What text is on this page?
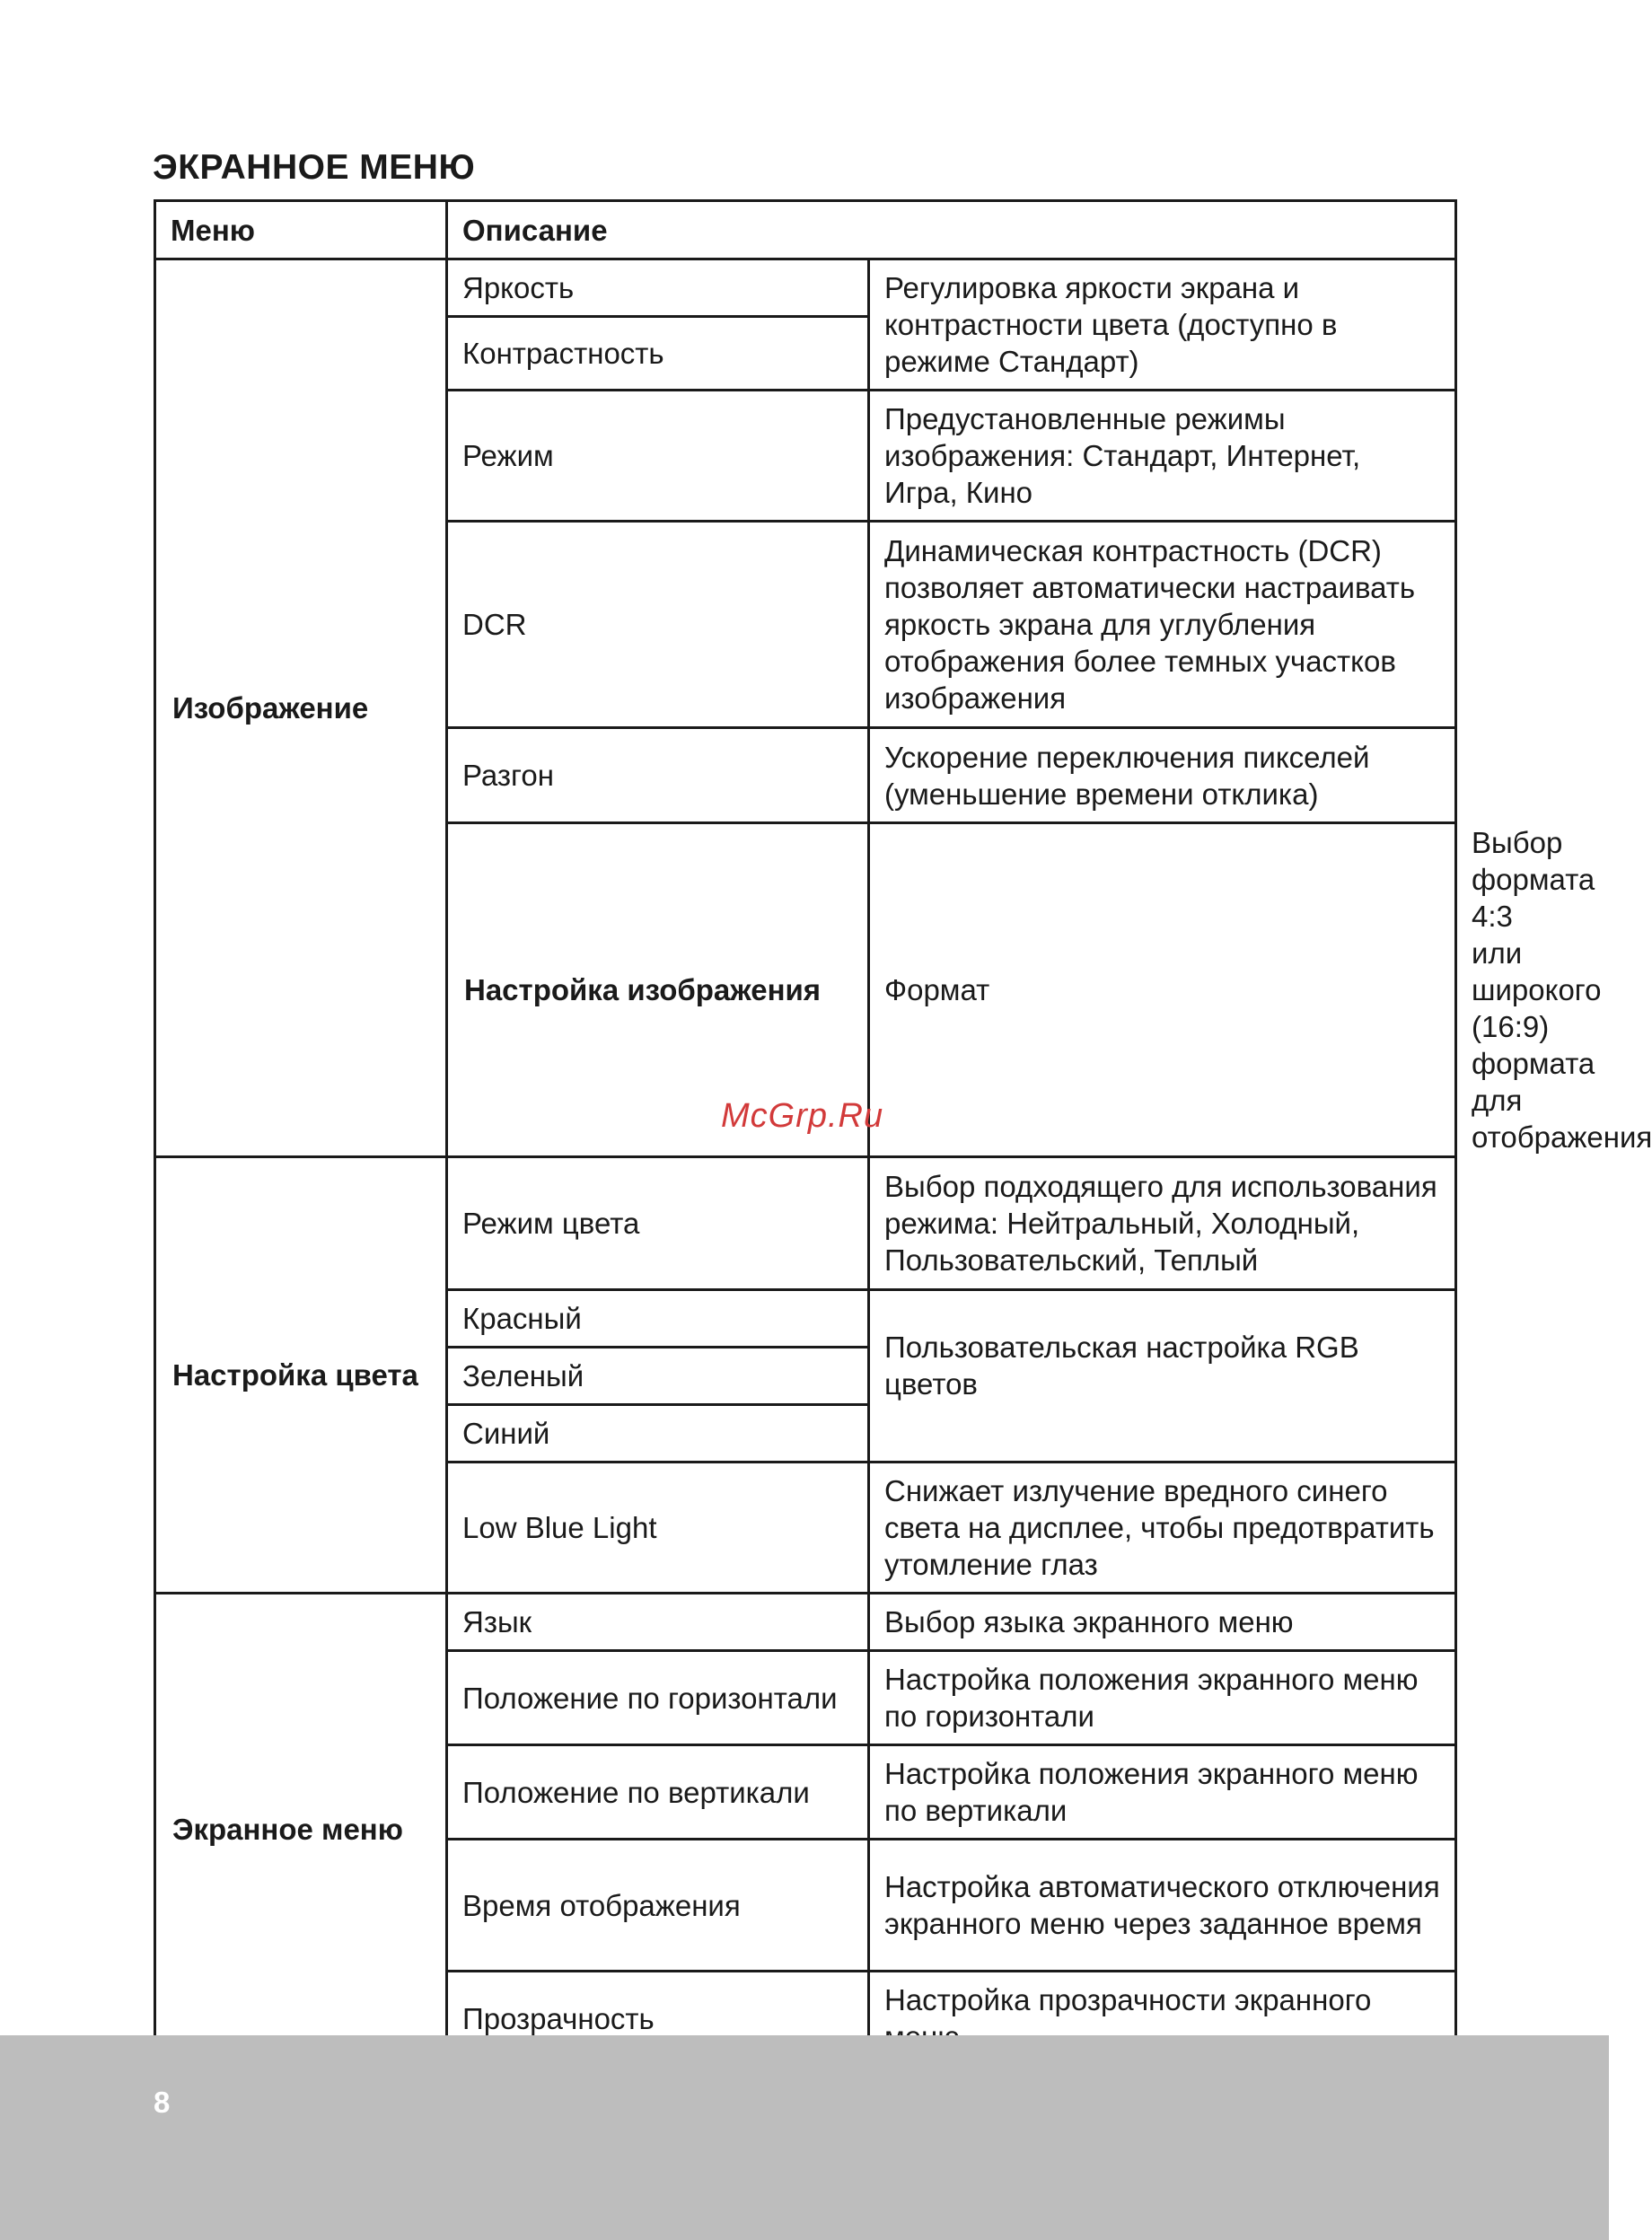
ЭКРАННОЕ МЕНЮ
Меню	Описание		
Изображение	Яркость	Регулировка яркости экрана и контрастности цвета (доступно в режиме Стандарт)	
	Контрастность		
	Режим	Предустановленные режимы изображения: Стандарт, Интернет, Игра, Кино	
	DCR	Динамическая контрастность (DCR) позволяет автоматически настраивать яркость экрана для углубления отображения более темных участков изображения	
	Разгон	Ускорение переключения пикселей (уменьшение времени отклика)	
	Настройка изображения	Формат	Выбор формата 4:3 или широкого (16:9) формата для отображения
Настройка цвета	Режим цвета	Выбор подходящего для использования режима: Нейтральный, Холодный, Пользовательский, Теплый	
	Красный	Пользовательская настройка RGB цветов	

	Зеленый		
	Синий		
	Low Blue Light	Снижает излучение вредного синего света на дисплее, чтобы предотвратить утомление глаз	
Экранное меню	Язык	Выбор языка экранного меню	
	Положение по горизонтали	Настройка положения экранного меню по горизонтали	
	Положение по вертикали	Настройка положения экранного меню по вертикали	
	Время отображения	Настройка автоматического отключения экранного меню через заданное время	
	Прозрачность	Настройка прозрачности экранного	

McGrp.Ru
8
